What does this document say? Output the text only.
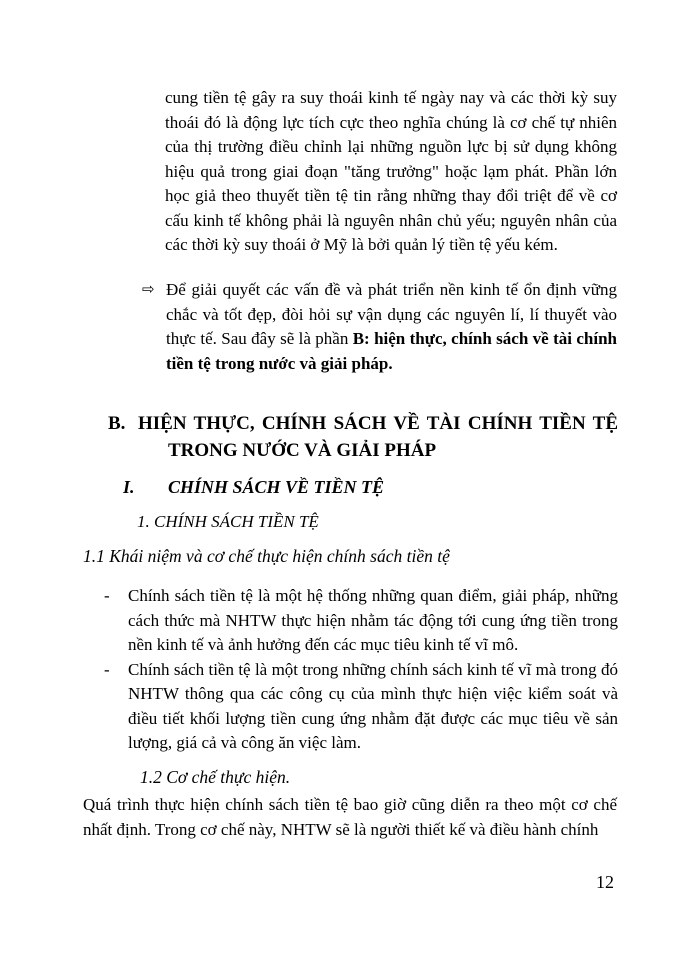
cung tiền tệ gây ra suy thoái kinh tế ngày nay và các thời kỳ suy thoái đó là động lực tích cực theo nghĩa chúng là cơ chế tự nhiên của thị trường điều chỉnh lại những nguồn lực bị sử dụng không hiệu quả trong giai đoạn "tăng trưởng" hoặc lạm phát. Phần lớn học giả theo thuyết tiền tệ tin rằng những thay đổi triệt để về cơ cấu kinh tế không phải là nguyên nhân chủ yếu; nguyên nhân của các thời kỳ suy thoái ở Mỹ là bởi quản lý tiền tệ yếu kém.

⇨ Để giải quyết các vấn đề và phát triển nền kinh tế ổn định vững chắc và tốt đẹp, đòi hỏi sự vận dụng các nguyên lí, lí thuyết vào thực tế. Sau đây sẽ là phần B: hiện thực, chính sách về tài chính tiền tệ trong nước và giải pháp.
B. HIỆN THỰC, CHÍNH SÁCH VỀ TÀI CHÍNH TIỀN TỆ
TRONG NƯỚC VÀ GIẢI PHÁP
I. CHÍNH SÁCH VỀ TIỀN TỆ
1. CHÍNH SÁCH TIỀN TỆ
1.1 Khái niệm và cơ chế thực hiện chính sách tiền tệ
- Chính sách tiền tệ là một hệ thống những quan điểm, giải pháp, những cách thức mà NHTW thực hiện nhằm tác động tới cung ứng tiền trong nền kinh tế và ảnh hưởng đến các mục tiêu kinh tế vĩ mô.
- Chính sách tiền tệ là một trong những chính sách kinh tế vĩ mà trong đó NHTW thông qua các công cụ của mình thực hiện việc kiểm soát và điều tiết khối lượng tiền cung ứng nhằm đặt được các mục tiêu về sản lượng, giá cả và công ăn việc làm.
1.2 Cơ chế thực hiện.

Quá trình thực hiện chính sách tiền tệ bao giờ cũng diễn ra theo một cơ chế nhất định. Trong cơ chế này, NHTW sẽ là người thiết kế và điều hành chính

12
